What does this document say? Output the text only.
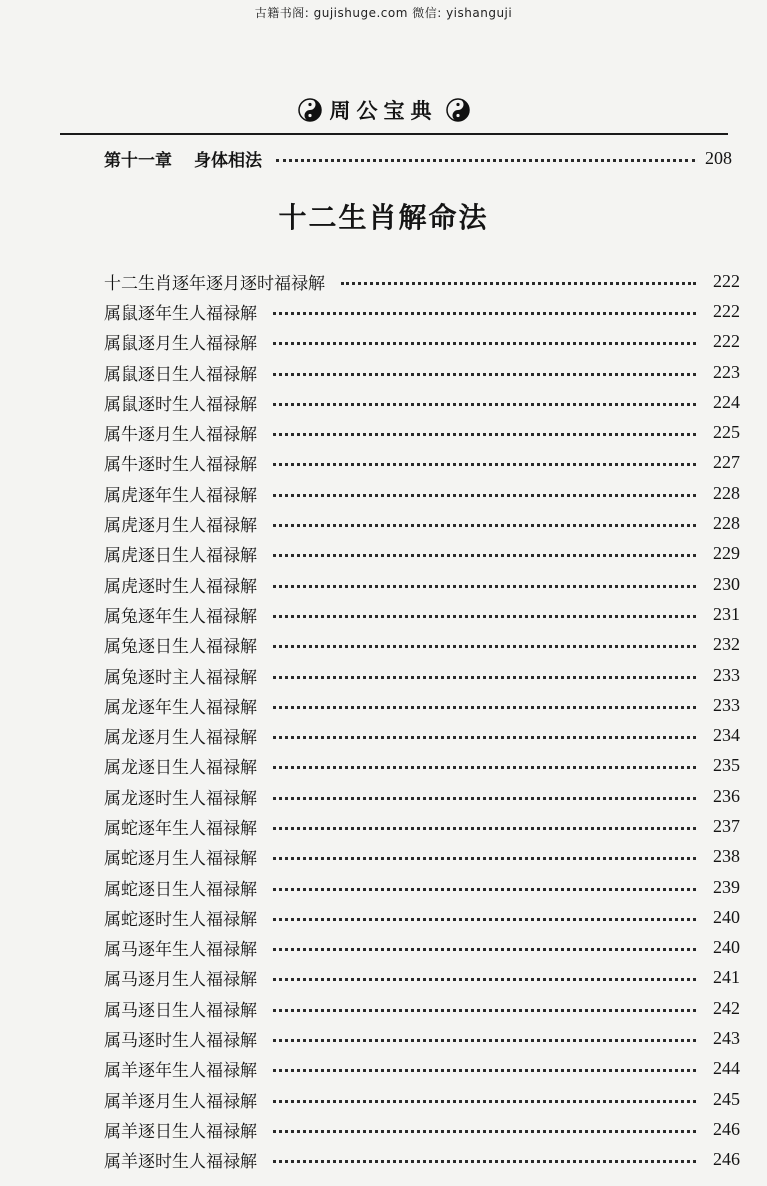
古籍书阁: gujishuge.com 微信: yishanguji
周公宝典
第十一章 身体相法	208
十二生肖解命法
十二生肖逐年逐月逐时福禄解	222
属鼠逐年生人福禄解	222
属鼠逐月生人福禄解	222
属鼠逐日生人福禄解	223
属鼠逐时生人福禄解	224
属牛逐月生人福禄解	225
属牛逐时生人福禄解	227
属虎逐年生人福禄解	228
属虎逐月生人福禄解	228
属虎逐日生人福禄解	229
属虎逐时生人福禄解	230
属兔逐年生人福禄解	231
属兔逐日生人福禄解	232
属兔逐时主人福禄解	233
属龙逐年生人福禄解	233
属龙逐月生人福禄解	234
属龙逐日生人福禄解	235
属龙逐时生人福禄解	236
属蛇逐年生人福禄解	237
属蛇逐月生人福禄解	238
属蛇逐日生人福禄解	239
属蛇逐时生人福禄解	240
属马逐年生人福禄解	240
属马逐月生人福禄解	241
属马逐日生人福禄解	242
属马逐时生人福禄解	243
属羊逐年生人福禄解	244
属羊逐月生人福禄解	245
属羊逐日生人福禄解	246
属羊逐时生人福禄解	246
